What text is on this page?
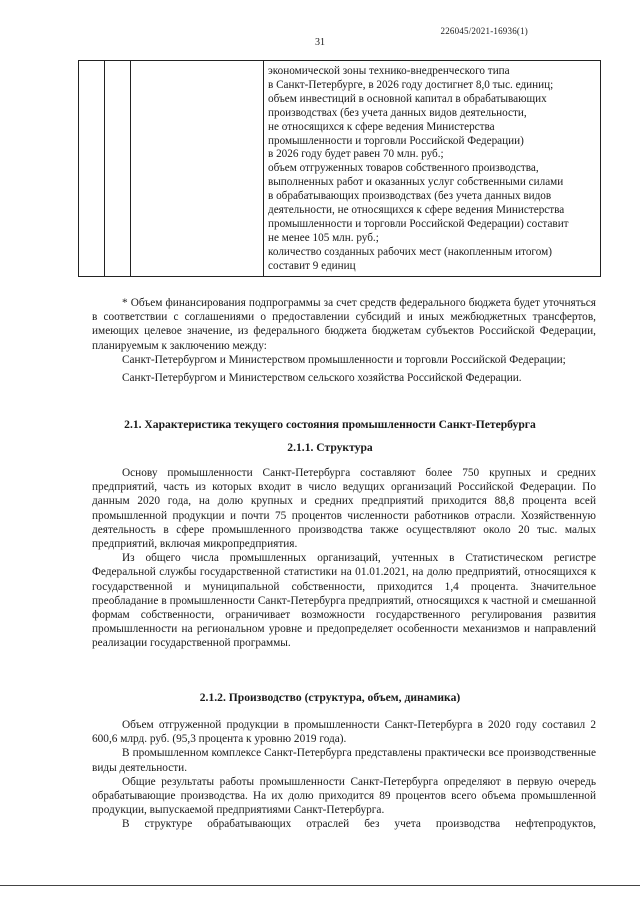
226045/2021-16936(1)
31

экономической зоны технико-внедренческого типа
в Санкт-Петербурге, в 2026 году достигнет 8,0 тыс. единиц;
объем инвестиций в основной капитал в обрабатывающих
производствах (без учета данных видов деятельности,
не относящихся к сфере ведения Министерства
промышленности и торговли Российской Федерации)
в 2026 году будет равен 70 млн. руб.;
объем отгруженных товаров собственного производства,
выполненных работ и оказанных услуг собственными силами
в обрабатывающих производствах (без учета данных видов
деятельности, не относящихся к сфере ведения Министерства
промышленности и торговли Российской Федерации) составит
не менее 105 млн. руб.;
количество созданных рабочих мест (накопленным итогом)
составит 9 единиц

* Объем финансирования подпрограммы за счет средств федерального бюджета будет уточняться в соответствии с соглашениями о предоставлении субсидий и иных межбюджетных трансфертов, имеющих целевое значение, из федерального бюджета бюджетам субъектов Российской Федерации, планируемым к заключению между:

Санкт-Петербургом и Министерством промышленности и торговли Российской Федерации;

Санкт-Петербургом и Министерством сельского хозяйства Российской Федерации.

2.1. Характеристика текущего состояния промышленности Санкт-Петербурга
2.1.1. Структура

Основу промышленности Санкт-Петербурга составляют более 750 крупных и средних предприятий, часть из которых входит в число ведущих организаций Российской Федерации. По данным 2020 года, на долю крупных и средних предприятий приходится 88,8 процента всей промышленной продукции и почти 75 процентов численности работников отрасли. Хозяйственную деятельность в сфере промышленного производства также осуществляют около 20 тыс. малых предприятий, включая микропредприятия.

Из общего числа промышленных организаций, учтенных в Статистическом регистре Федеральной службы государственной статистики на 01.01.2021, на долю предприятий, относящихся к государственной и муниципальной собственности, приходится 1,4 процента. Значительное преобладание в промышленности Санкт-Петербурга предприятий, относящихся к частной и смешанной формам собственности, ограничивает возможности государственного регулирования развития промышленности на региональном уровне и предопределяет особенности механизмов и направлений реализации государственной программы.

2.1.2. Производство (структура, объем, динамика)

Объем отгруженной продукции в промышленности Санкт-Петербурга в 2020 году составил 2 600,6 млрд. руб. (95,3 процента к уровню 2019 года).

В промышленном комплексе Санкт-Петербурга представлены практически все производственные виды деятельности.

Общие результаты работы промышленности Санкт-Петербурга определяют в первую очередь обрабатывающие производства. На их долю приходится 89 процентов всего объема промышленной продукции, выпускаемой предприятиями Санкт-Петербурга.

В структуре обрабатывающих отраслей без учета производства нефтепродуктов,
